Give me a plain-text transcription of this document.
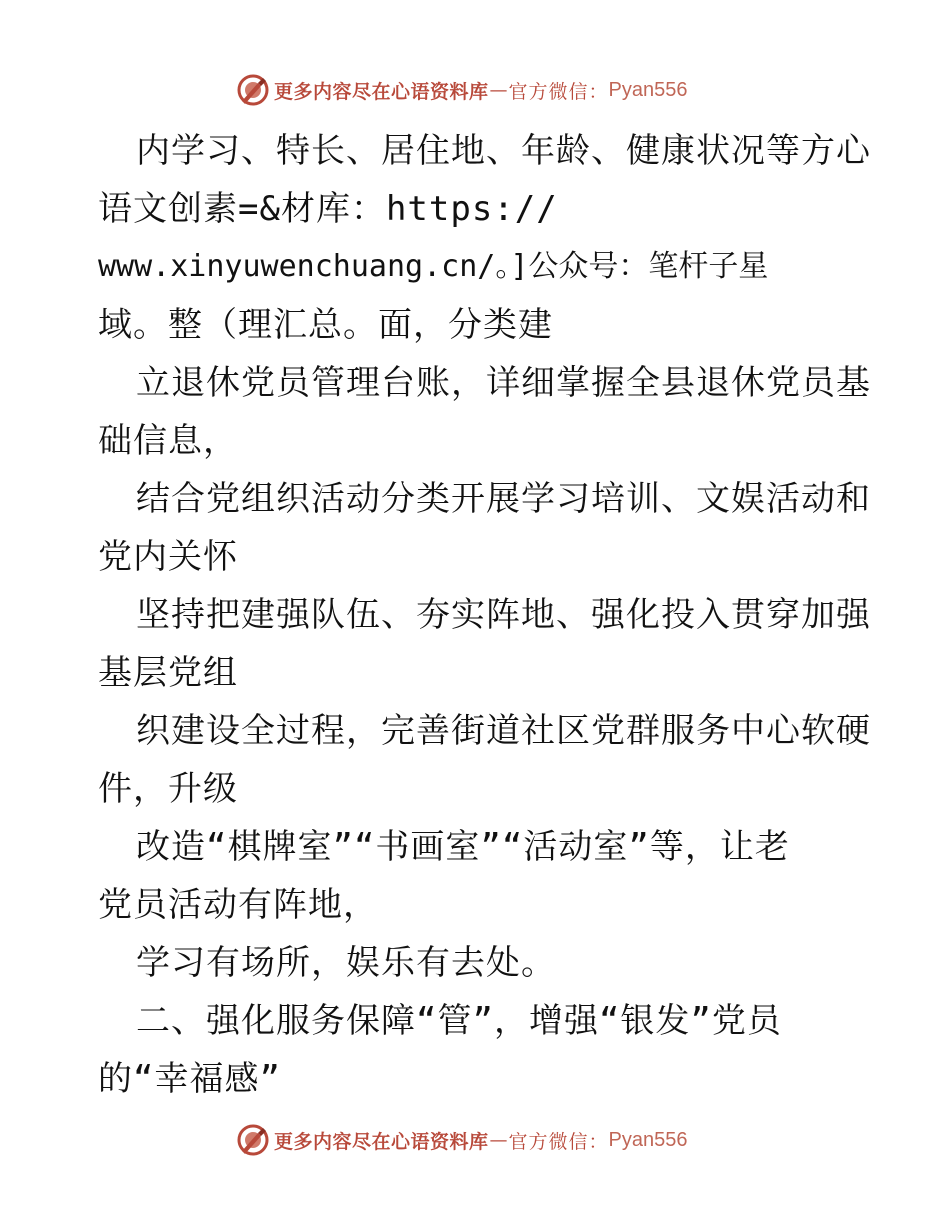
更多内容尽在心语资料库 — 官方微信： Pyan556
内学习、特长、居住地、年龄、健康状况等方心
语文创素=&材库：https://
www.xinyuwenchuang.cn/。]公众号：笔杆子星
域。整（理汇总。面，分类建
立退休党员管理台账，详细掌握全县退休党员基
础信息，
结合党组织活动分类开展学习培训、文娱活动和
党内关怀
坚持把建强队伍、夯实阵地、强化投入贯穿加强
基层党组
织建设全过程，完善街道社区党群服务中心软硬
件，升级
改造“棋牌室”“书画室”“活动室”等，让老
党员活动有阵地，
学习有场所，娱乐有去处。
二、强化服务保障“管”，增强“银发”党员
的“幸福感”
更多内容尽在心语资料库 — 官方微信： Pyan556
